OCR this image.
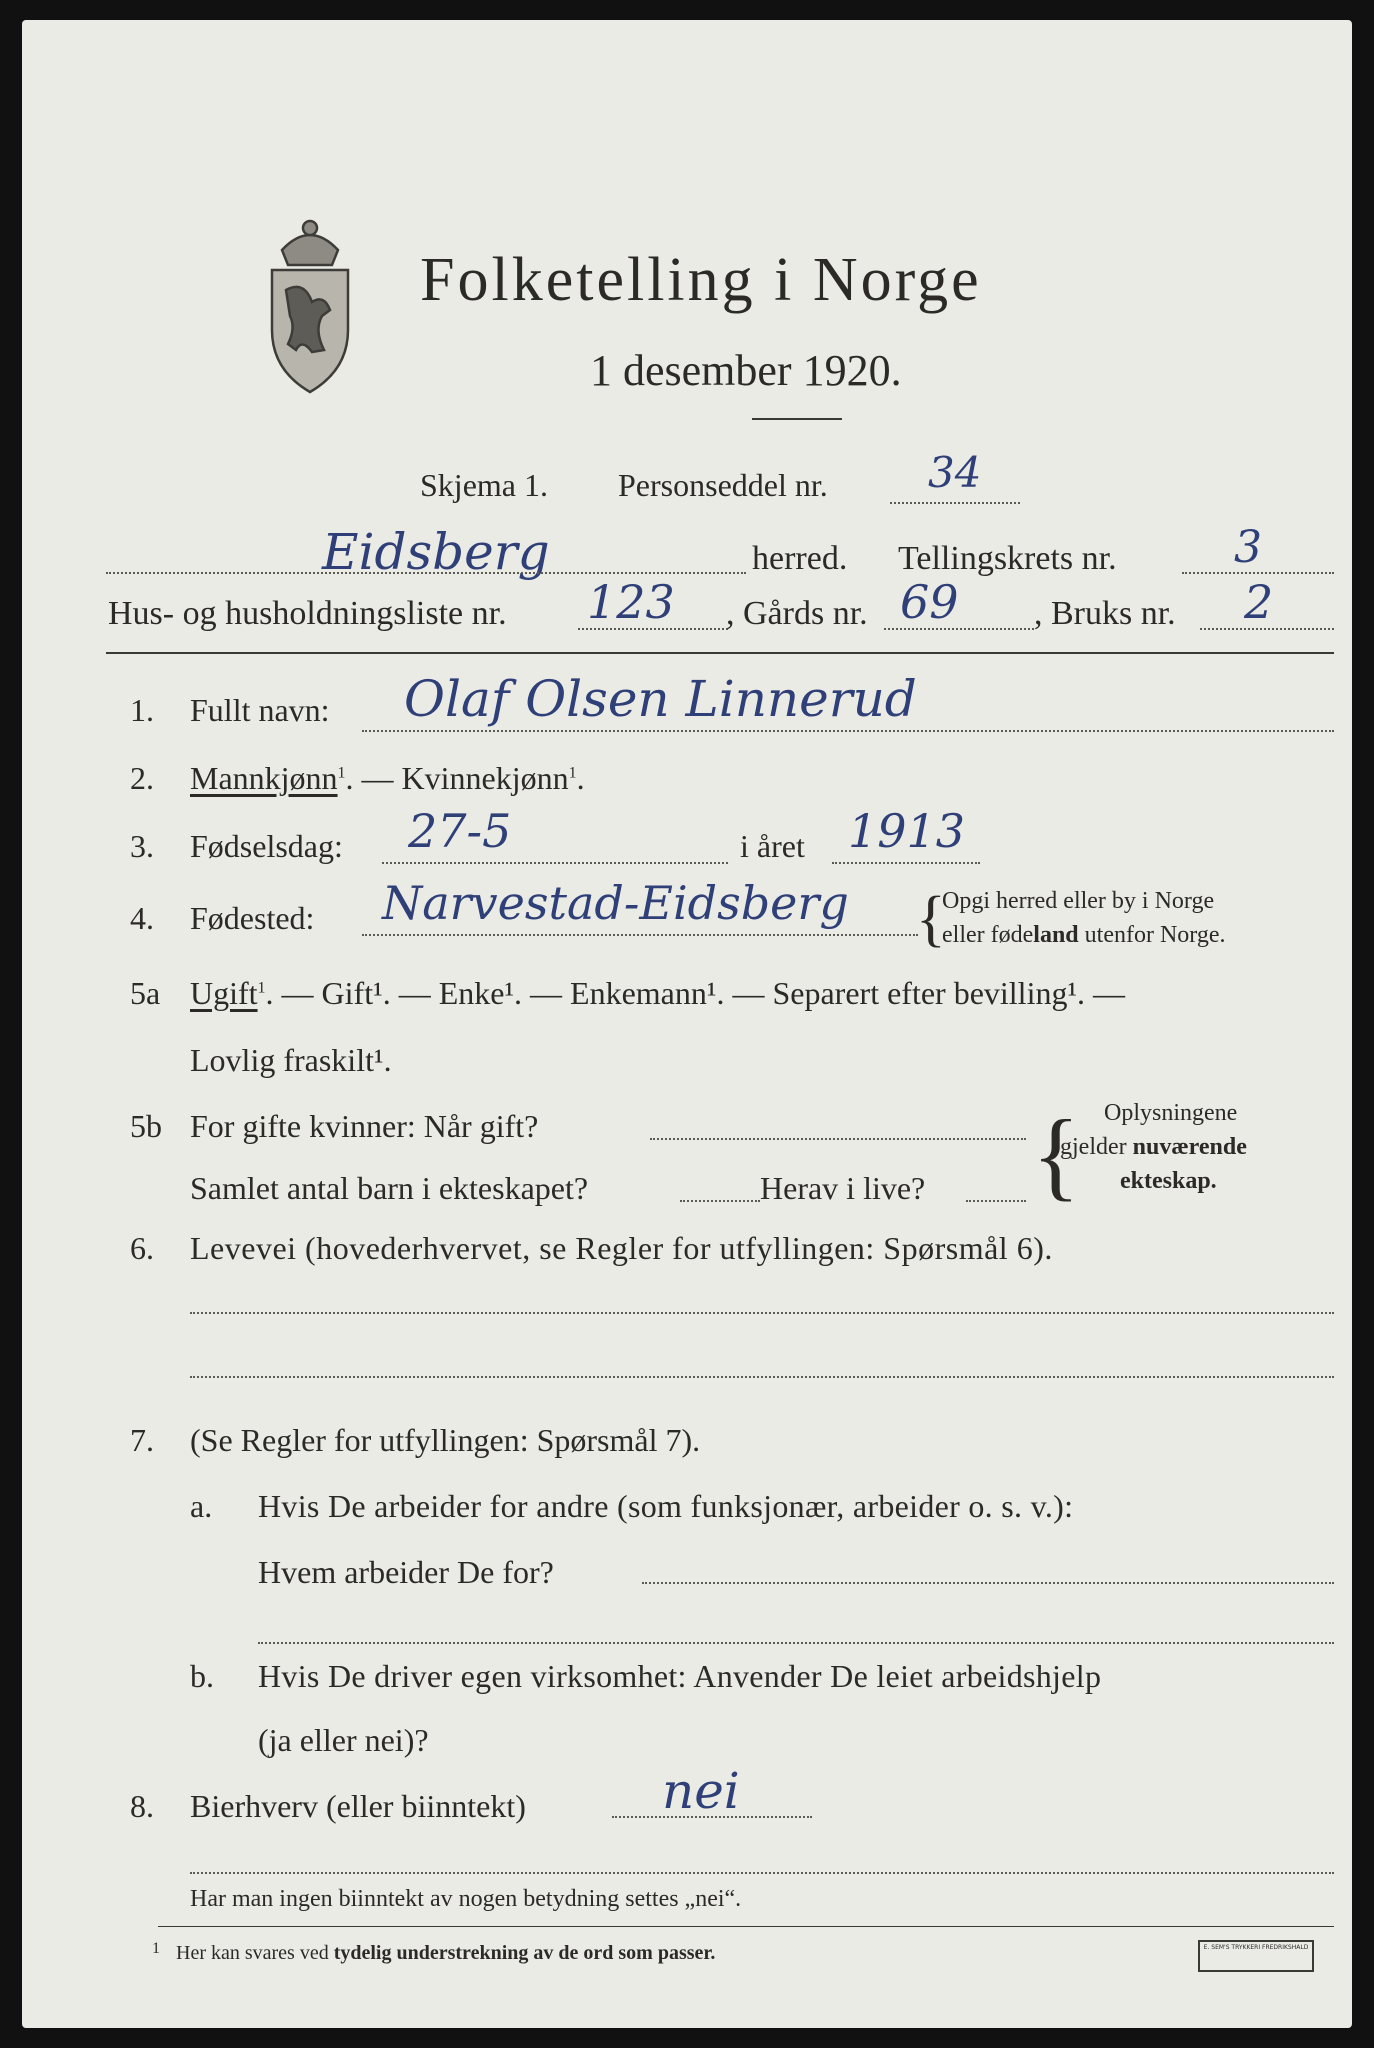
Folketelling i Norge
1 desember 1920.
Skjema 1. Personseddel nr. 34
Eidsberg	herred. Tellingskrets nr.	3
Hus- og husholdningsliste nr. 123 , Gårds nr. 69 , Bruks nr. 2
1. Fullt navn: Olaf Olsen Linnerud
2. Mannkjønn$^1$. — Kvinnekjønn$^1$.
3. Fødselsdag: 27-5	i året 1913
4. Fødested: Narvestad-Eidsberg {
Opgi herred eller by i Norge
eller fødeland utenfor Norge.
5a Ugift$^1$. — Gift¹. — Enke¹. — Enkemann¹. — Separert efter bevilling¹. —
Lovlig fraskilt¹.
5b For gifte kvinner: Når gift?
Samlet antal barn i ekteskapet?	Herav i live? { Oplysningene
gjelder nuværende
ekteskap.
6. Levevei (hovederhvervet, se Regler for utfyllingen: Spørsmål 6).
7. (Se Regler for utfyllingen: Spørsmål 7).
a. Hvis De arbeider for andre (som funksjonær, arbeider o. s. v.):
Hvem arbeider De for?
b. Hvis De driver egen virksomhet: Anvender De leiet arbeidshjelp
(ja eller nei)?
8. Bierhverv (eller biinntekt)	nei
Har man ingen biinntekt av nogen betydning settes „nei“.
1 Her kan svares ved tydelig understrekning av de ord som passer.	E. SEM'S TRYKKERI FREDRIKSHALD
